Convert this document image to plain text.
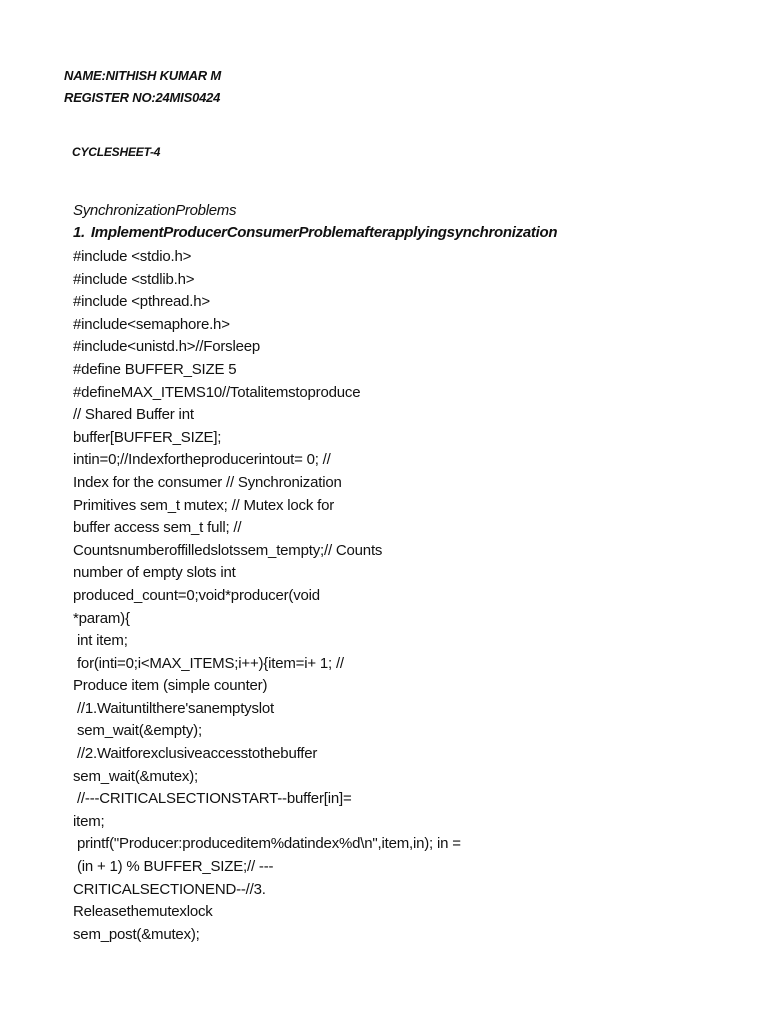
NAME:NITHISH KUMAR M
REGISTER NO:24MIS0424
CYCLESHEET-4
SynchronizationProblems
1. ImplementProducerConsumerProblemafterapplyingsynchronization
#include <stdio.h>
#include <stdlib.h>
#include <pthread.h>
#include<semaphore.h>
#include<unistd.h>//Forsleep
#define BUFFER_SIZE 5
#defineMAX_ITEMS10//Totalitemstoproduce
// Shared Buffer int
buffer[BUFFER_SIZE];
intin=0;//Indexfortheproducerintout= 0; //
Index for the consumer // Synchronization
Primitives sem_t mutex; // Mutex lock for
buffer access sem_t full; //
Countsnumberoffilledslotssem_tempty;// Counts
number of empty slots int
produced_count=0;void*producer(void
*param){
int item;
for(inti=0;i<MAX_ITEMS;i++){item=i+ 1; //
Produce item (simple counter)
//1.Waituntilthere'sanemptyslot
sem_wait(&empty);
//2.Waitforexclusiveaccesstothebuffer
sem_wait(&mutex);
//---CRITICALSECTIONSTART--buffer[in]=
item;
printf("Producer:produceditem%datindex%d\n",item,in); in =
(in + 1) % BUFFER_SIZE;// ---
CRITICALSECTIONEND--//3.
Releasethemutexlock
sem_post(&mutex);
